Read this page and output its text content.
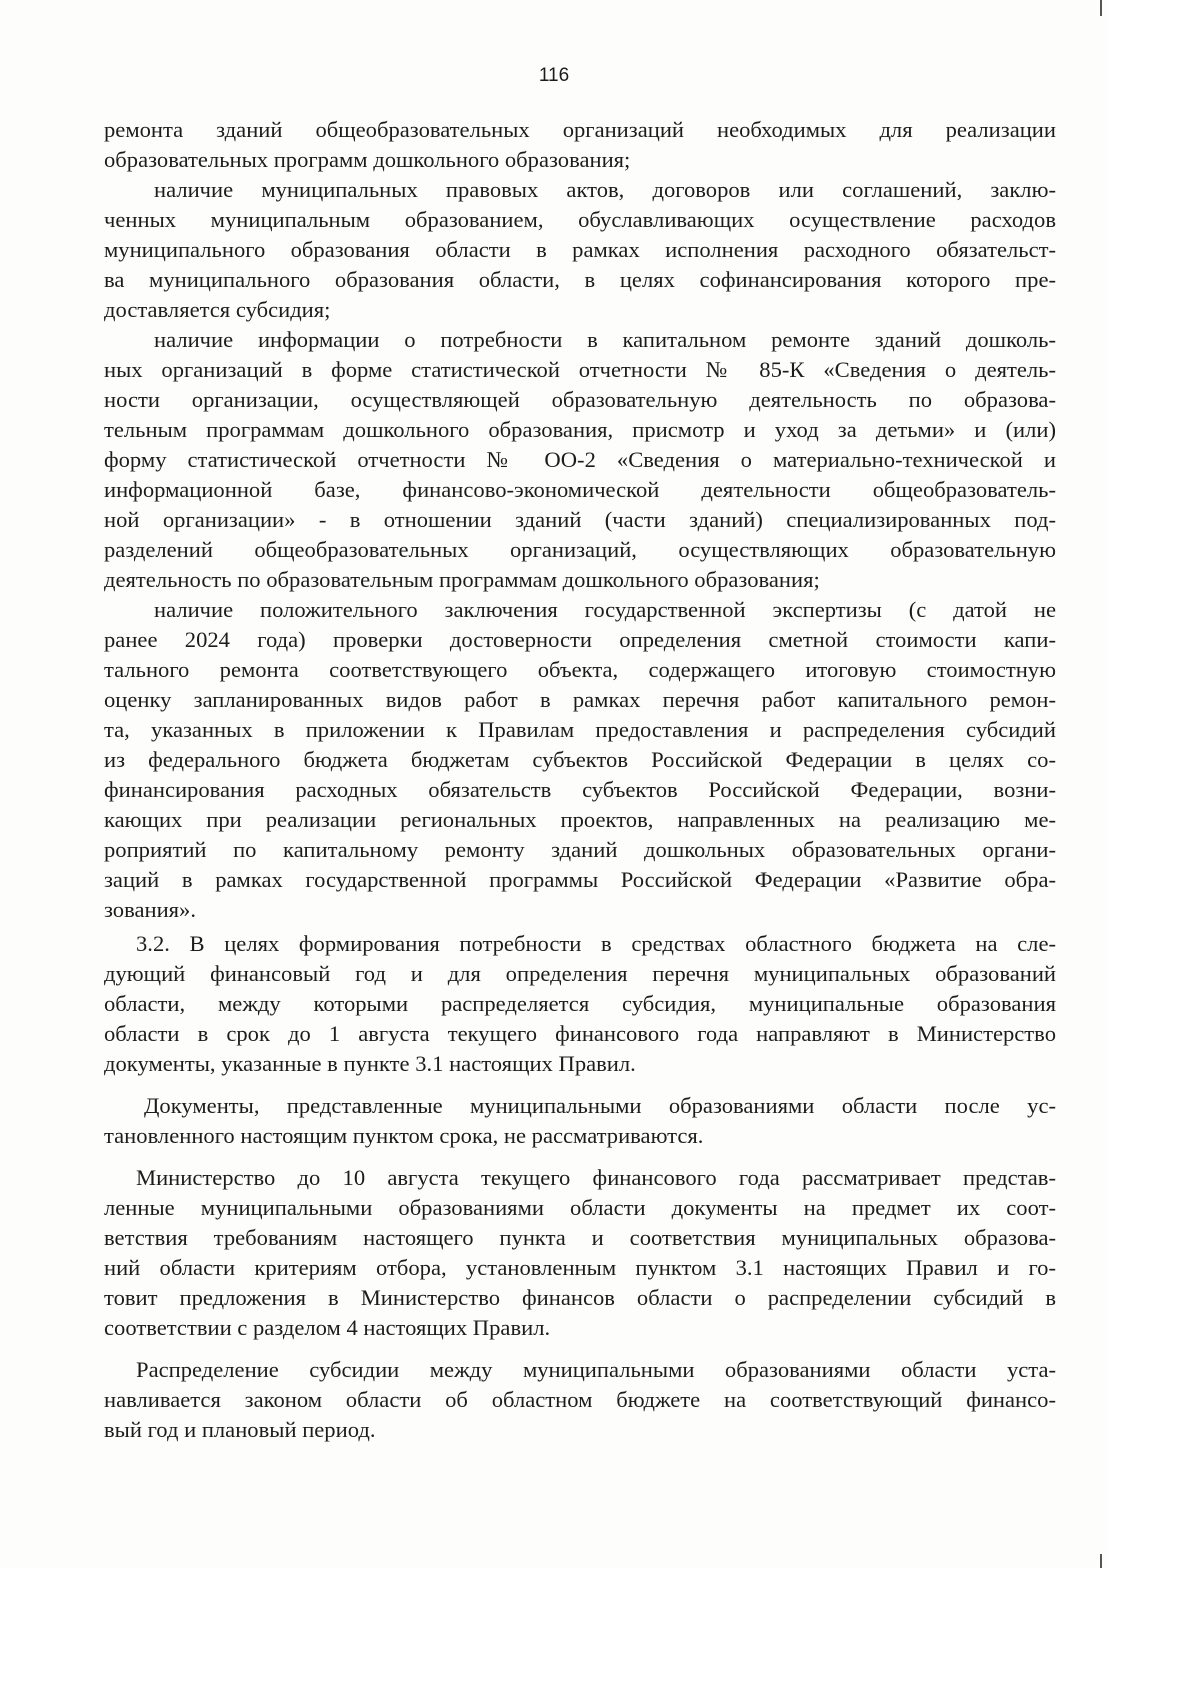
116
ремонта зданий общеобразовательных организаций необходимых для реализации
образовательных программ дошкольного образования;
наличие муниципальных правовых актов, договоров или соглашений, заклю-
ченных муниципальным образованием, обуславливающих осуществление расходов
муниципального образования области в рамках исполнения расходного обязательст-
ва муниципального образования области, в целях софинансирования которого пре-
доставляется субсидия;
наличие информации о потребности в капитальном ремонте зданий дошколь-
ных организаций в форме статистической отчетности № 85-К «Сведения о деятель-
ности организации, осуществляющей образовательную деятельность по образова-
тельным программам дошкольного образования, присмотр и уход за детьми» и (или)
форму статистической отчетности № ОО-2 «Сведения о материально-технической и
информационной базе, финансово-экономической деятельности общеобразователь-
ной организации» - в отношении зданий (части зданий) специализированных под-
разделений общеобразовательных организаций, осуществляющих образовательную
деятельность по образовательным программам дошкольного образования;
наличие положительного заключения государственной экспертизы (с датой не
ранее 2024 года) проверки достоверности определения сметной стоимости капи-
тального ремонта соответствующего объекта, содержащего итоговую стоимостную
оценку запланированных видов работ в рамках перечня работ капитального ремон-
та, указанных в приложении к Правилам предоставления и распределения субсидий
из федерального бюджета бюджетам субъектов Российской Федерации в целях со-
финансирования расходных обязательств субъектов Российской Федерации, возни-
кающих при реализации региональных проектов, направленных на реализацию ме-
роприятий по капитальному ремонту зданий дошкольных образовательных органи-
заций в рамках государственной программы Российской Федерации «Развитие обра-
зования».
3.2. В целях формирования потребности в средствах областного бюджета на сле-
дующий финансовый год и для определения перечня муниципальных образований
области, между которыми распределяется субсидия, муниципальные образования
области в срок до 1 августа текущего финансового года направляют в Министерство
документы, указанные в пункте 3.1 настоящих Правил.
Документы, представленные муниципальными образованиями области после ус-
тановленного настоящим пунктом срока, не рассматриваются.
Министерство до 10 августа текущего финансового года рассматривает представ-
ленные муниципальными образованиями области документы на предмет их соот-
ветствия требованиям настоящего пункта и соответствия муниципальных образова-
ний области критериям отбора, установленным пунктом 3.1 настоящих Правил и го-
товит предложения в Министерство финансов области о распределении субсидий в
соответствии с разделом 4 настоящих Правил.
Распределение субсидии между муниципальными образованиями области уста-
навливается законом области об областном бюджете на соответствующий финансо-
вый год и плановый период.
